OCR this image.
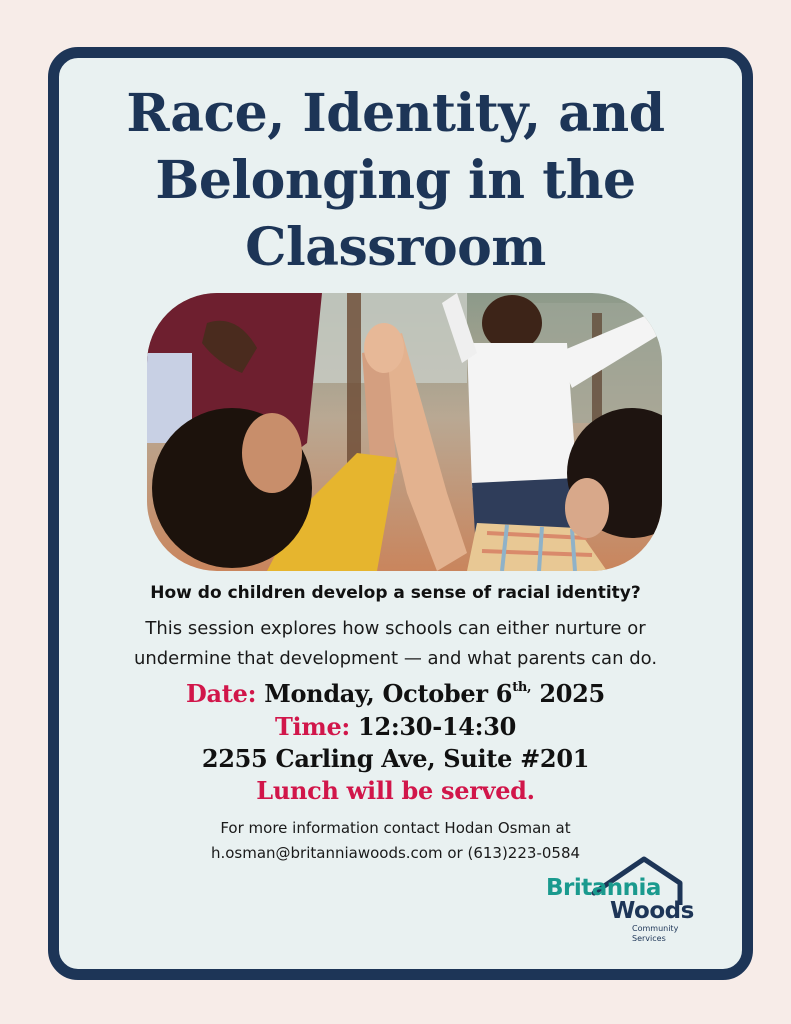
Race, Identity, and
Belonging in the
Classroom
How do children develop a sense of racial identity?
This session explores how schools can either nurture or
undermine that development — and what parents can do.
Date: Monday, October $6^{th,}$ 2025
Time: 12:30-14:30
2255 Carling Ave, Suite #201
Lunch will be served.
For more information contact Hodan Osman at
h.osman@britanniawoods.com or (613)223-0584
Britannia
Woods
Community
Services
